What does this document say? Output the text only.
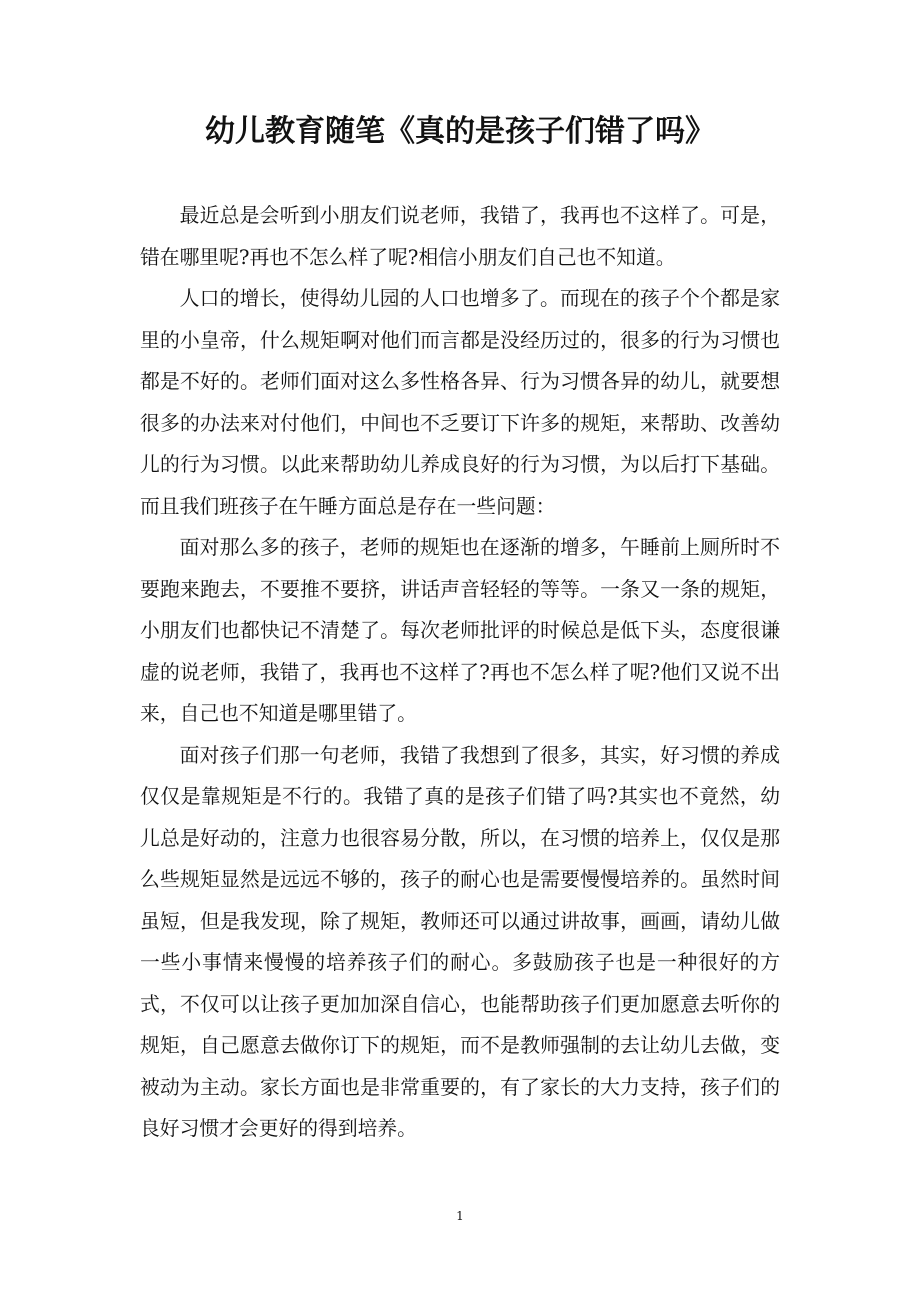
幼儿教育随笔《真的是孩子们错了吗》

最近总是会听到小朋友们说老师，我错了，我再也不这样了。可是，错在哪里呢?再也不怎么样了呢?相信小朋友们自己也不知道。

人口的增长，使得幼儿园的人口也增多了。而现在的孩子个个都是家里的小皇帝，什么规矩啊对他们而言都是没经历过的，很多的行为习惯也都是不好的。老师们面对这么多性格各异、行为习惯各异的幼儿，就要想很多的办法来对付他们，中间也不乏要订下许多的规矩，来帮助、改善幼儿的行为习惯。以此来帮助幼儿养成良好的行为习惯，为以后打下基础。而且我们班孩子在午睡方面总是存在一些问题：

面对那么多的孩子，老师的规矩也在逐渐的增多，午睡前上厕所时不要跑来跑去，不要推不要挤，讲话声音轻轻的等等。一条又一条的规矩，小朋友们也都快记不清楚了。每次老师批评的时候总是低下头，态度很谦虚的说老师，我错了，我再也不这样了?再也不怎么样了呢?他们又说不出来，自己也不知道是哪里错了。

面对孩子们那一句老师，我错了我想到了很多，其实，好习惯的养成仅仅是靠规矩是不行的。我错了真的是孩子们错了吗?其实也不竟然，幼儿总是好动的，注意力也很容易分散，所以，在习惯的培养上，仅仅是那么些规矩显然是远远不够的，孩子的耐心也是需要慢慢培养的。虽然时间虽短，但是我发现，除了规矩，教师还可以通过讲故事，画画，请幼儿做一些小事情来慢慢的培养孩子们的耐心。多鼓励孩子也是一种很好的方式，不仅可以让孩子更加加深自信心，也能帮助孩子们更加愿意去听你的规矩，自己愿意去做你订下的规矩，而不是教师强制的去让幼儿去做，变被动为主动。家长方面也是非常重要的，有了家长的大力支持，孩子们的良好习惯才会更好的得到培养。

1
